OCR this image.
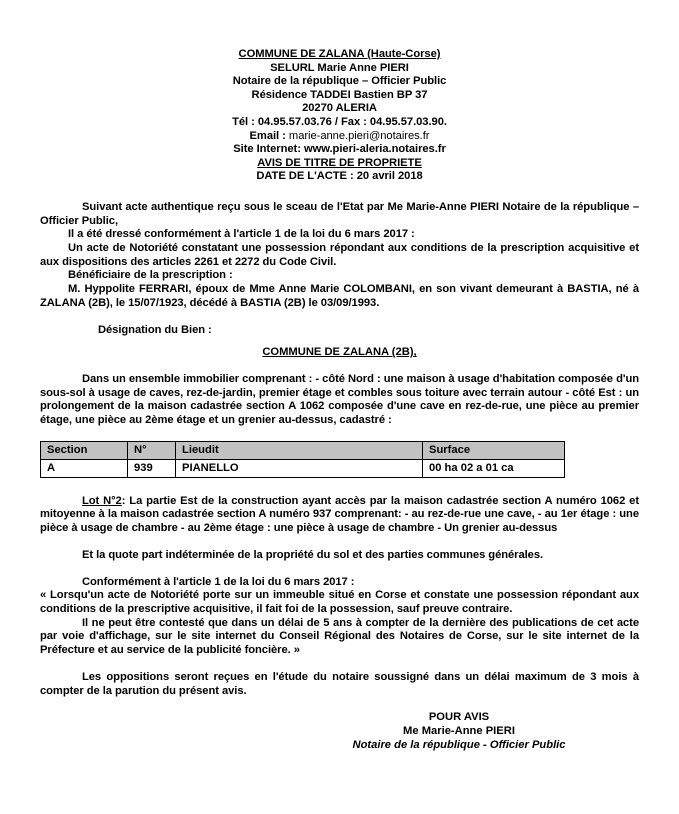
COMMUNE DE ZALANA (Haute-Corse)
SELURL Marie Anne PIERI
Notaire de la république – Officier Public
Résidence TADDEI Bastien BP 37
20270 ALERIA
Tél : 04.95.57.03.76 / Fax : 04.95.57.03.90.
Email : marie-anne.pieri@notaires.fr
Site Internet: www.pieri-aleria.notaires.fr
AVIS DE TITRE DE PROPRIETE
DATE DE L'ACTE : 20 avril 2018
Suivant acte authentique reçu sous le sceau de l'Etat par Me Marie-Anne PIERI Notaire de la république – Officier Public,
Il a été dressé conformément à l'article 1 de la loi du 6 mars 2017 :
Un acte de Notoriété constatant une possession répondant aux conditions de la prescription acquisitive et aux dispositions des articles 2261 et 2272 du Code Civil.
Bénéficiaire de la prescription :
M. Hyppolite FERRARI, époux de Mme Anne Marie COLOMBANI, en son vivant demeurant à BASTIA, né à ZALANA (2B), le 15/07/1923, décédé à BASTIA (2B) le 03/09/1993.
Désignation du Bien :
COMMUNE DE ZALANA (2B),
Dans un ensemble immobilier comprenant : - côté Nord : une maison à usage d'habitation composée d'un sous-sol à usage de caves, rez-de-jardin, premier étage et combles sous toiture avec terrain autour - côté Est : un prolongement de la maison cadastrée section A 1062 composée d'une cave en rez-de-rue, une pièce au premier étage, une pièce au 2ème étage et un grenier au-dessus, cadastré :
Section	N°	Lieudit	Surface
A	939	PIANELLO	00 ha 02 a 01 ca
Lot N°2: La partie Est de la construction ayant accès par la maison cadastrée section A numéro 1062 et mitoyenne à la maison cadastrée section A numéro 937 comprenant: - au rez-de-rue une cave, - au 1er étage : une pièce à usage de chambre - au 2ème étage : une pièce à usage de chambre - Un grenier au-dessus
Et la quote part indéterminée de la propriété du sol et des parties communes générales.
Conformément à l'article 1 de la loi du 6 mars 2017 :
« Lorsqu'un acte de Notoriété porte sur un immeuble situé en Corse et constate une possession répondant aux conditions de la prescriptive acquisitive, il fait foi de la possession, sauf preuve contraire.
Il ne peut être contesté que dans un délai de 5 ans à compter de la dernière des publications de cet acte par voie d'affichage, sur le site internet du Conseil Régional des Notaires de Corse, sur le site internet de la Préfecture et au service de la publicité foncière. »
Les oppositions seront reçues en l'étude du notaire soussigné dans un délai maximum de 3 mois à compter de la parution du présent avis.
POUR AVIS
Me Marie-Anne PIERI
Notaire de la république - Officier Public
